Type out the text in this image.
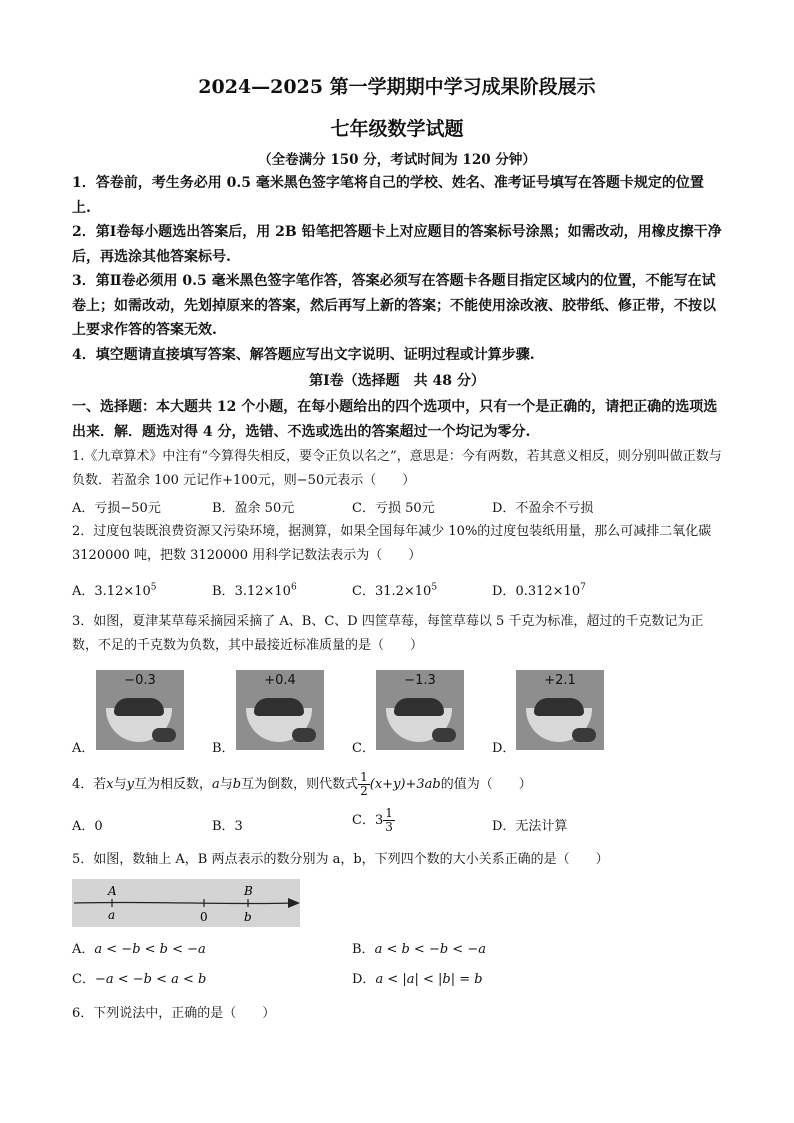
2024—2025 第一学期期中学习成果阶段展示
七年级数学试题
（全卷满分 150 分，考试时间为 120 分钟）

1．答卷前，考生务必用 0.5 毫米黑色签字笔将自己的学校、姓名、准考证号填写在答题卡规定的位置上.

2．第Ⅰ卷每小题选出答案后，用 2B 铅笔把答题卡上对应题目的答案标号涂黑；如需改动，用橡皮擦干净后，再选涂其他答案标号.

3．第Ⅱ卷必须用 0.5 毫米黑色签字笔作答，答案必须写在答题卡各题目指定区域内的位置，不能写在试卷上；如需改动，先划掉原来的答案，然后再写上新的答案；不能使用涂改液、胶带纸、修正带，不按以上要求作答的答案无效.

4．填空题请直接填写答案、解答题应写出文字说明、证明过程或计算步骤.

第Ⅰ卷（选择题　共 48 分）

一、选择题：本大题共 12 个小题，在每小题给出的四个选项中，只有一个是正确的，请把正确的选项选出来．解．题选对得 4 分，选错、不选或选出的答案超过一个均记为零分.

1.《九章算术》中注有“今算得失相反，要令正负以名之”，意思是：今有两数，若其意义相反，则分别叫做正数与负数．若盈余 100 元记作+100元，则−50元表示（　　）

A．亏损−50元	B．盈余 50元	C．亏损 50元	D．不盈余不亏损

2．过度包装既浪费资源又污染环境，据测算，如果全国每年减少 10%的过度包装纸用量，那么可减排二氧化碳 3120000 吨，把数 3120000 用科学记数法表示为（　　）

A．$3.12\times 10^5$	B．$3.12\times 10^6$	C．$31.2\times 10^5$	D．$0.312\times 10^7$

3．如图，夏津某草莓采摘园采摘了 A、B、C、D 四筐草莓，每筐草莓以 5 千克为标准，超过的千克数记为正数，不足的千克数为负数，其中最接近标准质量的是（　　）

A．
−0.3
B．
+0.4
C．
−1.3
D．
+2.1
4．若x与y互为相反数，a与b互为倒数，则代数式 $\frac{1}{2} (x+y)+3ab$的值为（　　）
A．0	B．3	C．$3 \frac{1}{3}$	D．无法计算

5．如图，数轴上 A，B 两点表示的数分别为 a，b，下列四个数的大小关系正确的是（　　）

A
a	0
B
b
A．a < −b < b < −a	B．a < b < −b < −a
C．−a < −b < a < b	D．a < |a| < |b| = b

6．下列说法中，正确的是（　　）
